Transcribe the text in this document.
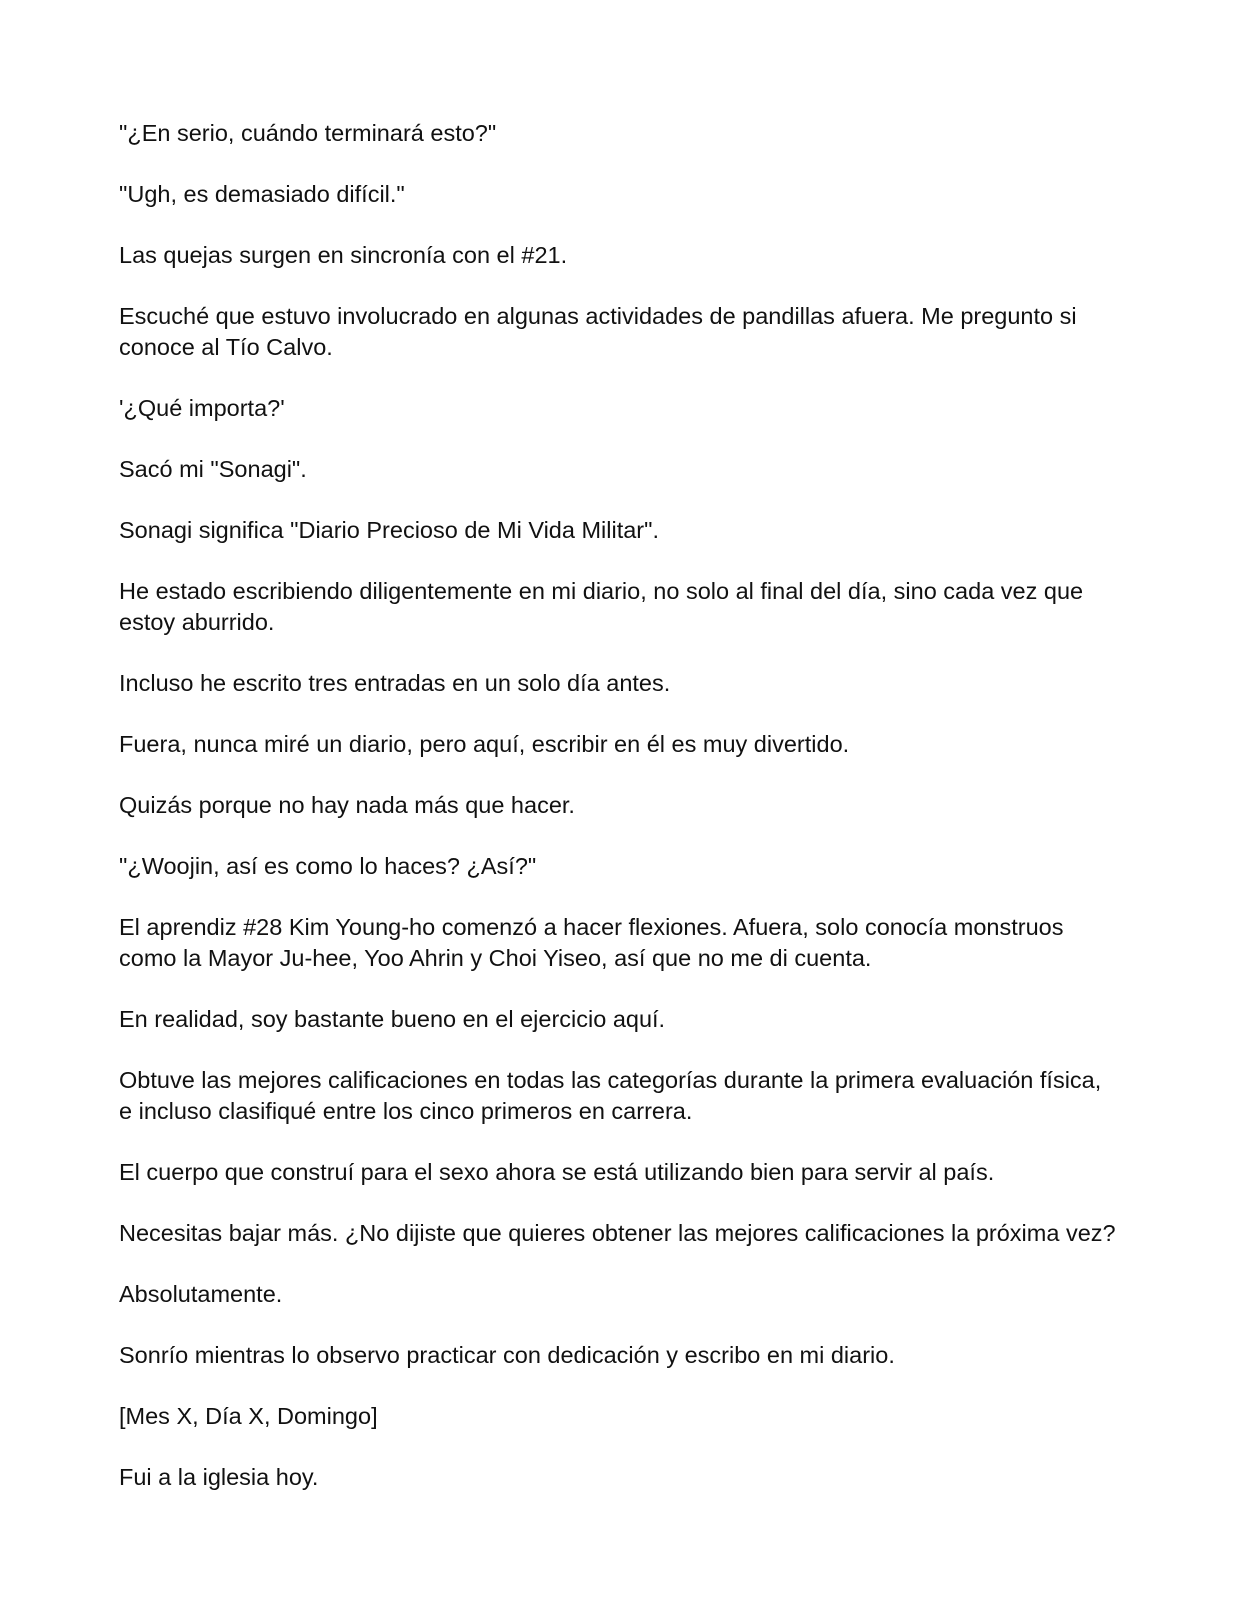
"¿En serio, cuándo terminará esto?"

"Ugh, es demasiado difícil."

Las quejas surgen en sincronía con el #21.

Escuché que estuvo involucrado en algunas actividades de pandillas afuera. Me pregunto si conoce al Tío Calvo.

'¿Qué importa?'

Sacó mi "Sonagi".

Sonagi significa "Diario Precioso de Mi Vida Militar".

He estado escribiendo diligentemente en mi diario, no solo al final del día, sino cada vez que estoy aburrido.

Incluso he escrito tres entradas en un solo día antes.

Fuera, nunca miré un diario, pero aquí, escribir en él es muy divertido.

Quizás porque no hay nada más que hacer.

"¿Woojin, así es como lo haces? ¿Así?"

El aprendiz #28 Kim Young-ho comenzó a hacer flexiones. Afuera, solo conocía monstruos como la Mayor Ju-hee, Yoo Ahrin y Choi Yiseo, así que no me di cuenta.

En realidad, soy bastante bueno en el ejercicio aquí.

Obtuve las mejores calificaciones en todas las categorías durante la primera evaluación física, e incluso clasifiqué entre los cinco primeros en carrera.

El cuerpo que construí para el sexo ahora se está utilizando bien para servir al país.

Necesitas bajar más. ¿No dijiste que quieres obtener las mejores calificaciones la próxima vez?

Absolutamente.

Sonrío mientras lo observo practicar con dedicación y escribo en mi diario.

[Mes X, Día X, Domingo]

Fui a la iglesia hoy.
